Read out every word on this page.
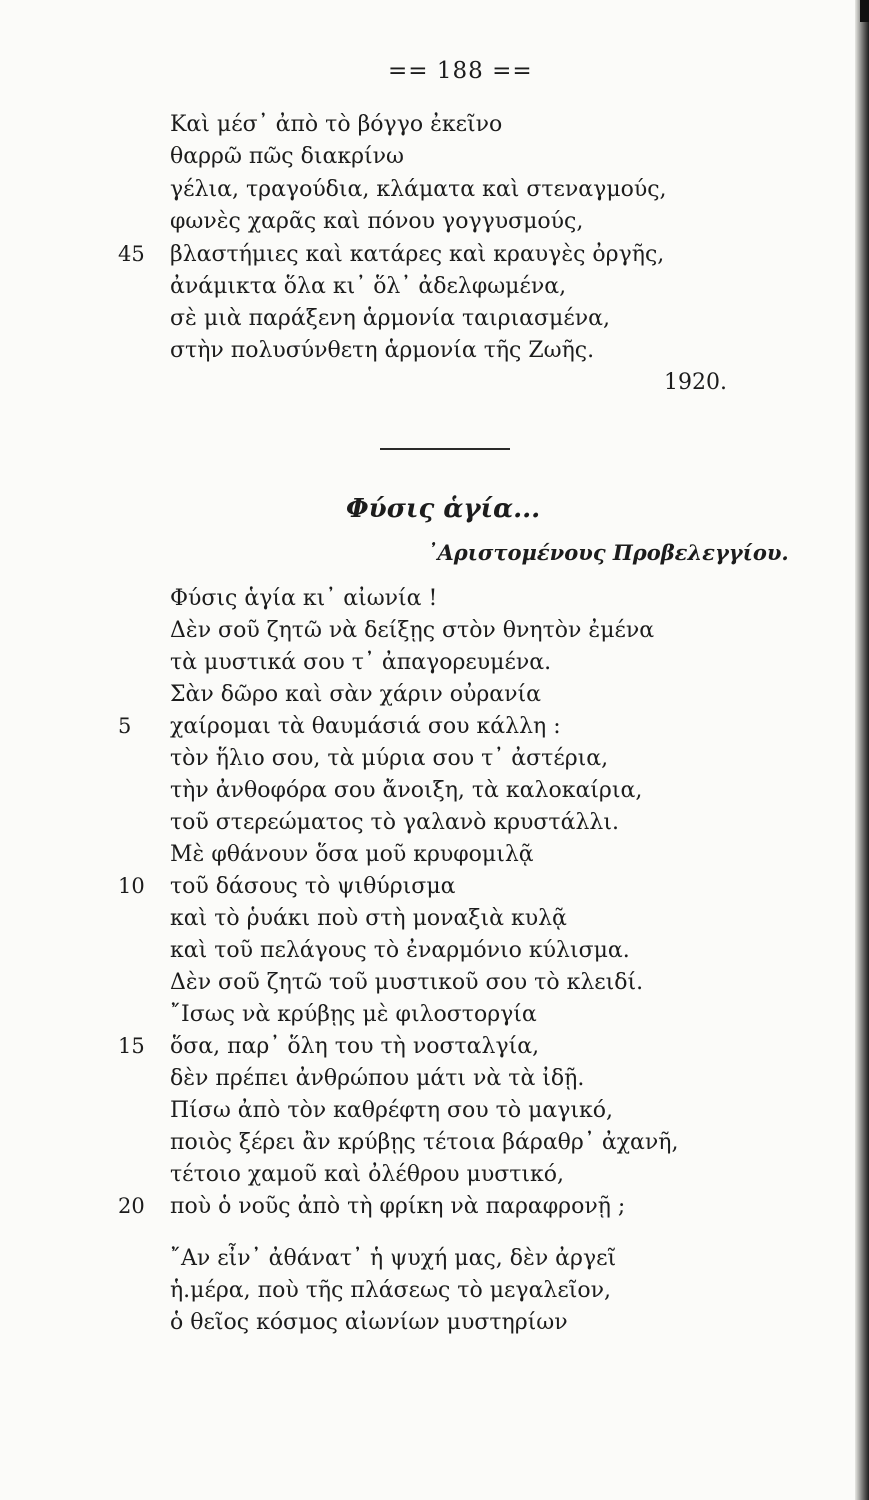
== 188 ==
Καὶ μέσ᾽ ἀπὸ τὸ βόγγο ἐκεῖνο
θαρρῶ πῶς διακρίνω
γέλια, τραγούδια, κλάματα καὶ στεναγμούς,
φωνὲς χαρᾶς καὶ πόνου γογγυσμούς,
45 βλαστήμιες καὶ κατάρες καὶ κραυγὲς ὀργῆς,
ἀνάμικτα ὅλα κι᾽ ὅλ᾽ ἀδελφωμένα,
σὲ μιὰ παράξενη ἁρμονία ταιριασμένα,
στὴν πολυσύνθετη ἁρμονία τῆς Ζωῆς.
1920.
Φύσις ἁγία...
᾿Αριστομένους Προβελεγγίου.
Φύσις ἁγία κι᾽ αἰωνία !
Δὲν σοῦ ζητῶ νὰ δείξῃς στὸν θνητὸν ἐμένα
τὰ μυστικά σου τ᾽ ἀπαγορευμένα.
Σὰν δῶρο καὶ σὰν χάριν οὐρανία
5 χαίρομαι τὰ θαυμάσιά σου κάλλη :
τὸν ἥλιο σου, τὰ μύρια σου τ᾽ ἀστέρια,
τὴν ἀνθοφόρα σου ἄνοιξη, τὰ καλοκαίρια,
τοῦ στερεώματος τὸ γαλανὸ κρυστάλλι.
Μὲ φθάνουν ὅσα μοῦ κρυφομιλᾷ
10 τοῦ δάσους τὸ ψιθύρισμα
καὶ τὸ ῥυάκι ποὺ στὴ μοναξιὰ κυλᾷ
καὶ τοῦ πελάγους τὸ ἐναρμόνιο κύλισμα.
Δὲν σοῦ ζητῶ τοῦ μυστικοῦ σου τὸ κλειδί.
῎Ισως νὰ κρύβῃς μὲ φιλοστοργία
15 ὅσα, παρ᾽ ὅλη του τὴ νοσταλγία,
δὲν πρέπει ἀνθρώπου μάτι νὰ τὰ ἰδῇ.
Πίσω ἀπὸ τὸν καθρέφτη σου τὸ μαγικό,
ποιὸς ξέρει ἂν κρύβῃς τέτοια βάραθρ᾽ ἀχανῆ,
τέτοιο χαμοῦ καὶ ὀλέθρου μυστικό,
20 ποὺ ὁ νοῦς ἀπὸ τὴ φρίκη νὰ παραφρονῇ ;
῎Αν εἶν᾽ ἀθάνατ᾽ ἡ ψυχή μας, δὲν ἀργεῖ
ἡ.μέρα, ποὺ τῆς πλάσεως τὸ μεγαλεῖον,
ὁ θεῖος κόσμος αἰωνίων μυστηρίων
